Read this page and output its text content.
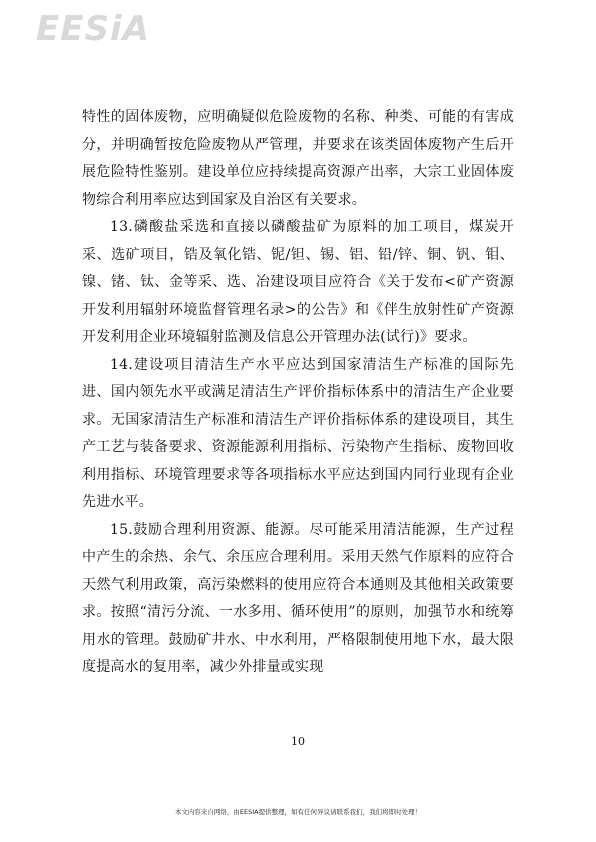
EESiA

特性的固体废物，应明确疑似危险废物的名称、种类、可能的有害成分，并明确暂按危险废物从严管理，并要求在该类固体废物产生后开展危险特性鉴别。建设单位应持续提高资源产出率，大宗工业固体废物综合利用率应达到国家及自治区有关要求。

13.磷酸盐采选和直接以磷酸盐矿为原料的加工项目，煤炭开采、选矿项目，锆及氧化锆、铌/钽、锡、铝、铅/锌、铜、钒、钼、镍、锗、钛、金等采、选、冶建设项目应符合《关于发布<矿产资源开发利用辐射环境监督管理名录>的公告》和《伴生放射性矿产资源开发利用企业环境辐射监测及信息公开管理办法(试行)》要求。

14.建设项目清洁生产水平应达到国家清洁生产标准的国际先进、国内领先水平或满足清洁生产评价指标体系中的清洁生产企业要求。无国家清洁生产标准和清洁生产评价指标体系的建设项目，其生产工艺与装备要求、资源能源利用指标、污染物产生指标、废物回收利用指标、环境管理要求等各项指标水平应达到国内同行业现有企业先进水平。

15.鼓励合理利用资源、能源。尽可能采用清洁能源，生产过程中产生的余热、余气、余压应合理利用。采用天然气作原料的应符合天然气利用政策，高污染燃料的使用应符合本通则及其他相关政策要求。按照“清污分流、一水多用、循环使用”的原则，加强节水和统筹用水的管理。鼓励矿井水、中水利用，严格限制使用地下水，最大限度提高水的复用率，减少外排量或实现

10
本文内容来自网络，由EESIA提供整理，如有任何异议请联系我们，我们将即时处理！
